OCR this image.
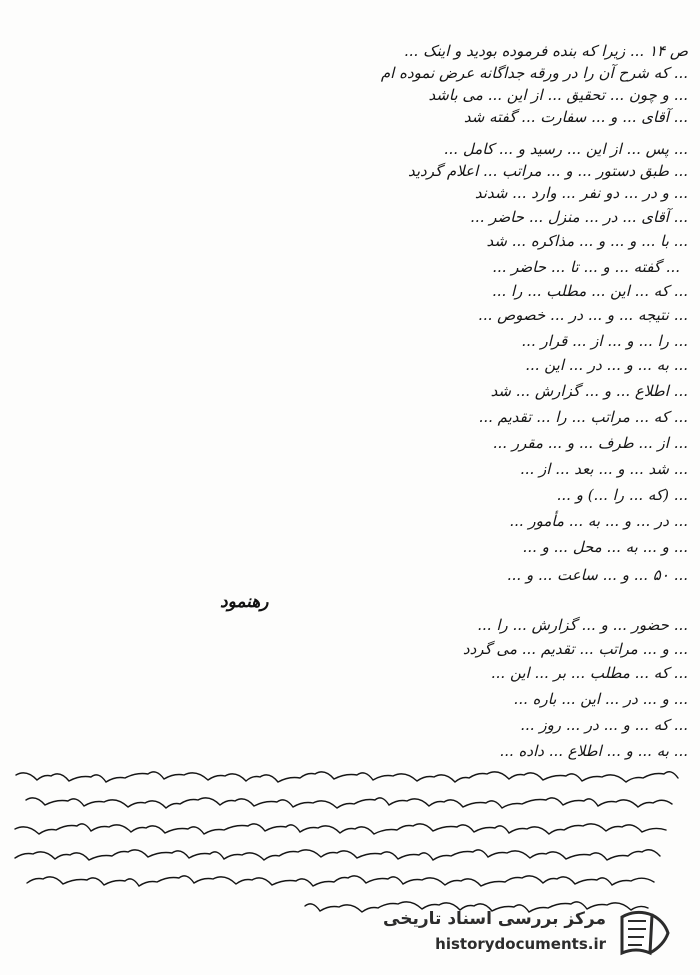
ص ۱۴ ... زیرا که بنده فرموده بودید و اینک ...
... که شرح آن را در ورقه جداگانه عرض نموده ام
... و چون ... تحقیق ... از این ... می باشد
... آقای ... و ... سفارت ... گفته شد
... پس ... از این ... رسید و ... کامل ...
... طبق دستور ... و ... مراتب ... اعلام گردید
... و در ... دو نفر ... وارد ... شدند
... آقای ... در ... منزل ... حاضر ...
... با ... و ... و ... مذاکره ... شد
... گفته ... و ... تا ... حاضر ...
... که ... این ... مطلب ... را ...
... نتیجه ... و ... در ... خصوص ...
... را ... و ... از ... قرار ...
... به ... و ... در ... این ...
... اطلاع ... و ... گزارش ... شد
... که ... مراتب ... را ... تقدیم ...
... از ... طرف ... و ... مقرر ...
... شد ... و ... بعد ... از ...
... (که ... را ...) و ...
... در ... و ... به ... مأمور ...
... و ... به ... محل ... و ...
... ۵۰ ... و ... ساعت ... و ...
... حضور ... و ... گزارش ... را ...
... و ... مراتب ... تقدیم ... می گردد
... که ... مطلب ... بر ... این ...
... و ... در ... این ... باره ...
... که ... و ... در ... روز ...
... به ... و ... اطلاع ... داده ...
رهنمود
مرکز بررسی اسناد تاریخی
historydocuments.ir
